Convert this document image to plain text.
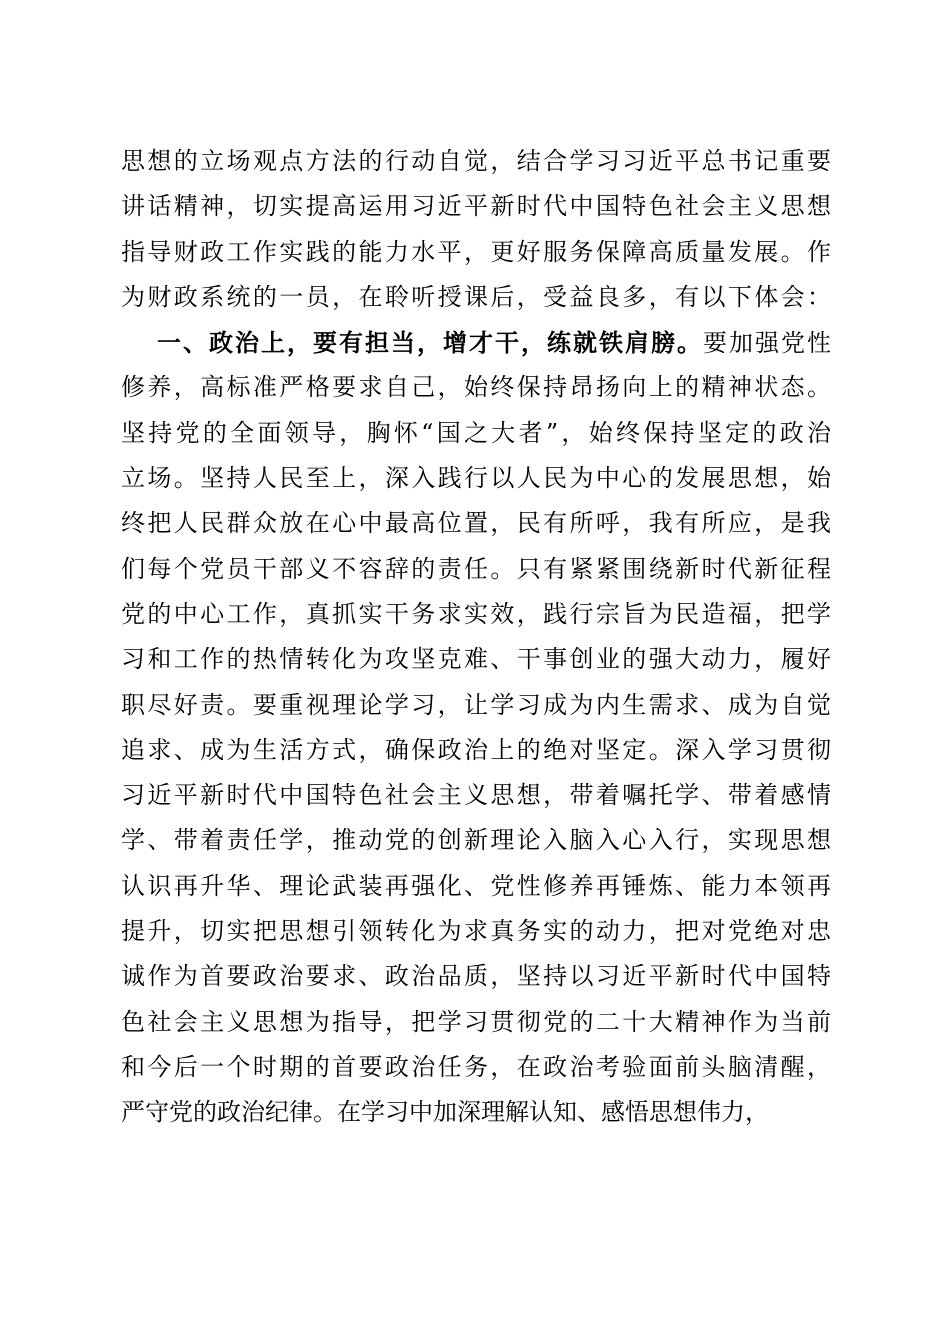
思想的立场观点方法的行动自觉，结合学习习近平总书记重要
讲话精神，切实提高运用习近平新时代中国特色社会主义思想
指导财政工作实践的能力水平，更好服务保障高质量发展。作
为财政系统的一员，在聆听授课后，受益良多，有以下体会：
一、政治上，要有担当，增才干，练就铁肩膀。要加强党性
修养，高标准严格要求自己，始终保持昂扬向上的精神状态。
坚持党的全面领导，胸怀“国之大者”，始终保持坚定的政治
立场。坚持人民至上，深入践行以人民为中心的发展思想，始
终把人民群众放在心中最高位置，民有所呼，我有所应，是我
们每个党员干部义不容辞的责任。只有紧紧围绕新时代新征程
党的中心工作，真抓实干务求实效，践行宗旨为民造福，把学
习和工作的热情转化为攻坚克难、干事创业的强大动力，履好
职尽好责。要重视理论学习，让学习成为内生需求、成为自觉
追求、成为生活方式，确保政治上的绝对坚定。深入学习贯彻
习近平新时代中国特色社会主义思想，带着嘱托学、带着感情
学、带着责任学，推动党的创新理论入脑入心入行，实现思想
认识再升华、理论武装再强化、党性修养再锤炼、能力本领再
提升，切实把思想引领转化为求真务实的动力，把对党绝对忠
诚作为首要政治要求、政治品质，坚持以习近平新时代中国特
色社会主义思想为指导，把学习贯彻党的二十大精神作为当前
和今后一个时期的首要政治任务，在政治考验面前头脑清醒，
严守党的政治纪律。在学习中加深理解认知、感悟思想伟力，
